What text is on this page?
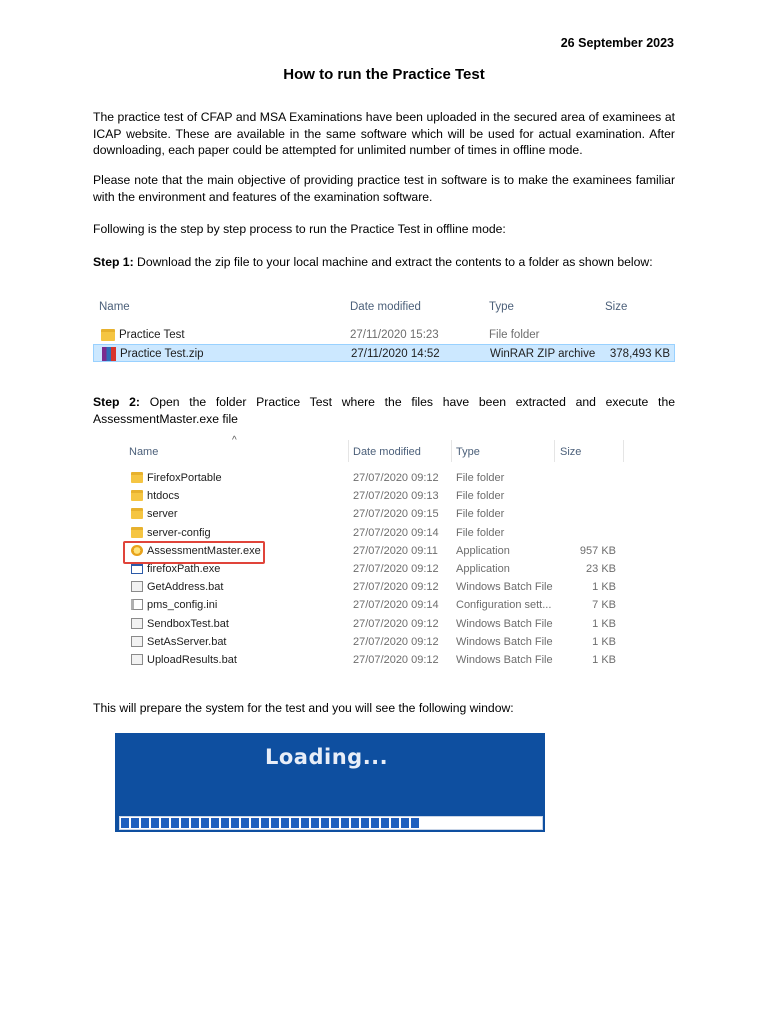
26 September 2023
How to run the Practice Test

The practice test of CFAP and MSA Examinations have been uploaded in the secured area of examinees at ICAP website. These are available in the same software which will be used for actual examination. After downloading, each paper could be attempted for unlimited number of times in offline mode.

Please note that the main objective of providing practice test in software is to make the examinees familiar with the environment and features of the examination software.

Following is the step by step process to run the Practice Test in offline mode:

Step 1: Download the zip file to your local machine and extract the contents to a folder as shown below:

Name	Date modified	Type	Size
Practice Test	27/11/2020 15:23	File folder
Practice Test.zip	27/11/2020 14:52	WinRAR ZIP archive 378,493 KB

Step 2: Open the folder Practice Test where the files have been extracted and execute the AssessmentMaster.exe file

^
Name	Date modified	Type	Size
FirefoxPortable	27/07/2020 09:12 File folder
htdocs	27/07/2020 09:13 File folder
server	27/07/2020 09:15 File folder
server-config	27/07/2020 09:14 File folder
AssessmentMaster.exe	27/07/2020 09:11 Application	957 KB
firefoxPath.exe	27/07/2020 09:12 Application	23 KB
GetAddress.bat	27/07/2020 09:12 Windows Batch File	1 KB
pms_config.ini	27/07/2020 09:14 Configuration sett...	7 KB
SendboxTest.bat	27/07/2020 09:12 Windows Batch File	1 KB
SetAsServer.bat	27/07/2020 09:12 Windows Batch File	1 KB
UploadResults.bat	27/07/2020 09:12 Windows Batch File	1 KB

This will prepare the system for the test and you will see the following window:

Loading...
